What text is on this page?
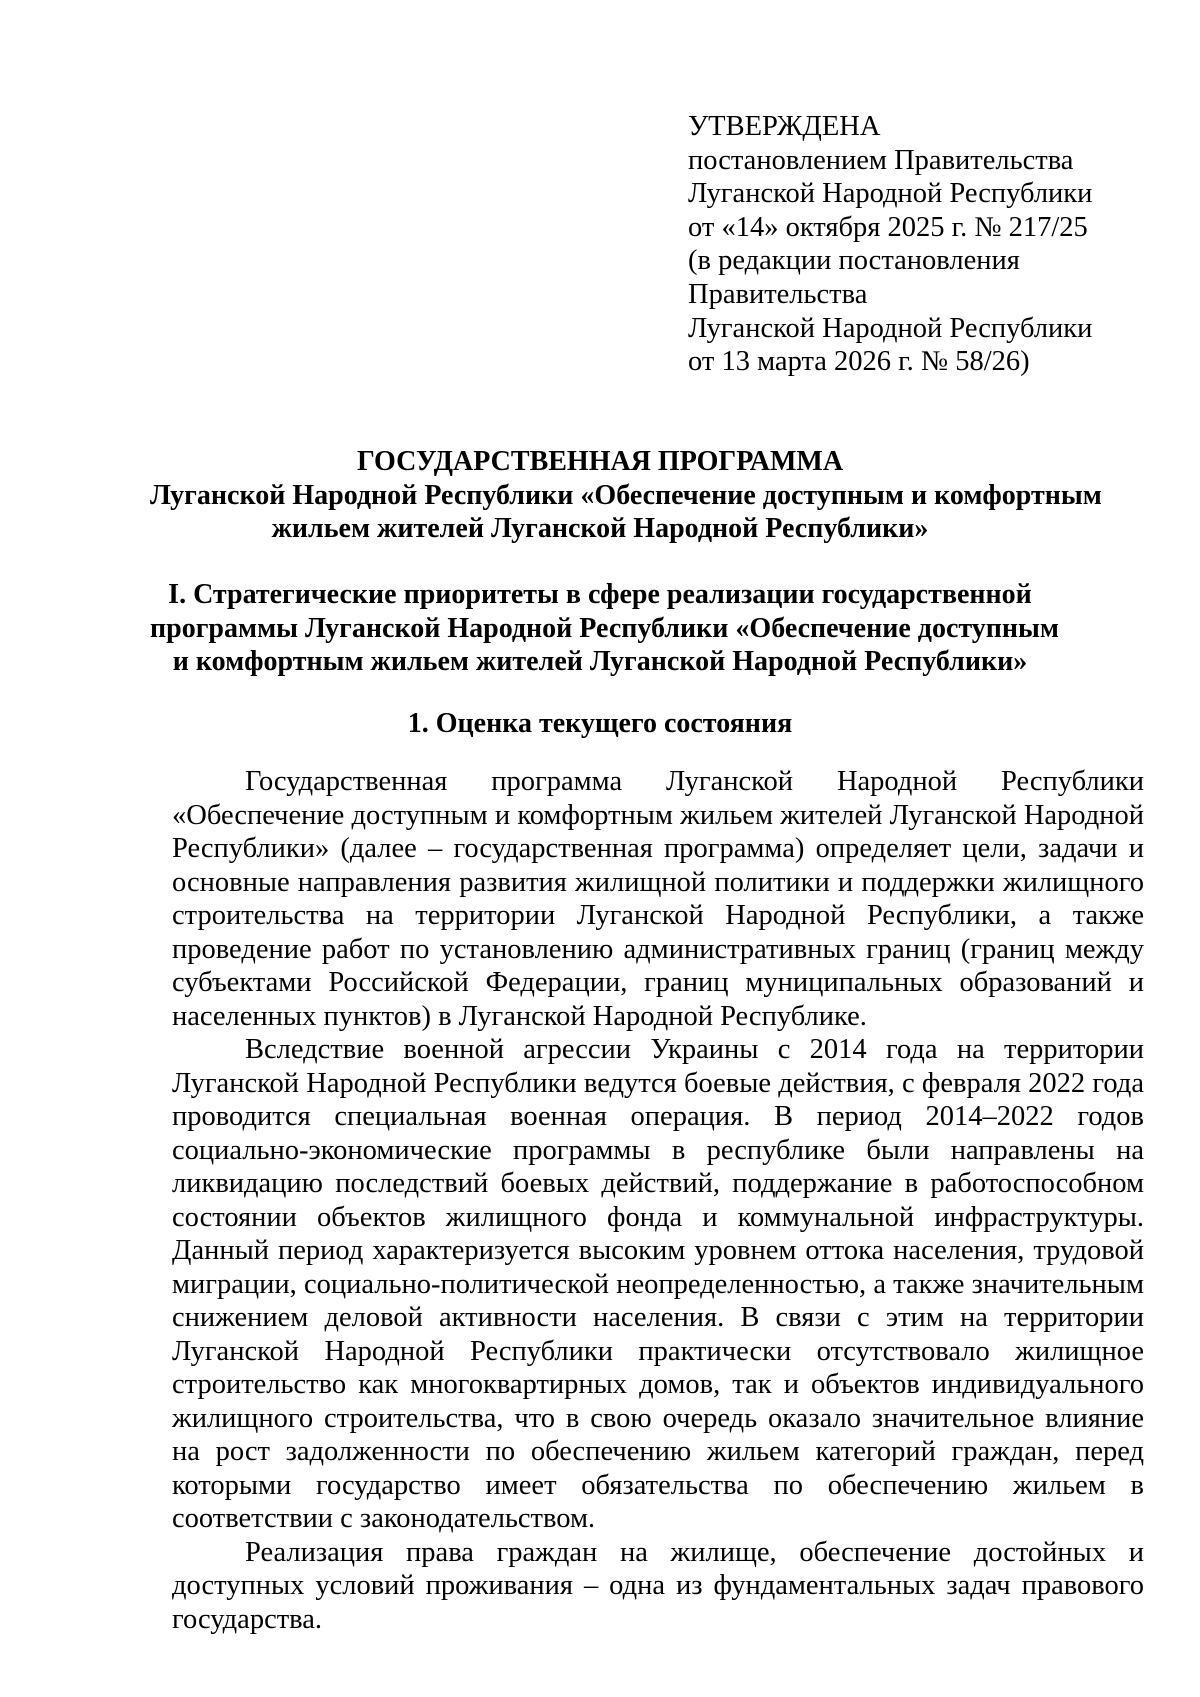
УТВЕРЖДЕНА
постановлением Правительства
Луганской Народной Республики
от «14» октября 2025 г. № 217/25
(в редакции постановления
Правительства
Луганской Народной Республики
от 13 марта 2026 г. № 58/26)
ГОСУДАРСТВЕННАЯ ПРОГРАММА
Луганской Народной Республики «Обеспечение доступным и комфортным
жильем жителей Луганской Народной Республики»
I. Стратегические приоритеты в сфере реализации государственной
программы Луганской Народной Республики «Обеспечение доступным
и комфортным жильем жителей Луганской Народной Республики»
1. Оценка текущего состояния

Государственная программа Луганской Народной Республики «Обеспечение доступным и комфортным жильем жителей Луганской Народной Республики» (далее – государственная программа) определяет цели, задачи и основные направления развития жилищной политики и поддержки жилищного строительства на территории Луганской Народной Республики, а также проведение работ по установлению административных границ (границ между субъектами Российской Федерации, границ муниципальных образований и населенных пунктов) в Луганской Народной Республике.

Вследствие военной агрессии Украины с 2014 года на территории Луганской Народной Республики ведутся боевые действия, с февраля 2022 года проводится специальная военная операция. В период 2014–2022 годов социально-экономические программы в республике были направлены на ликвидацию последствий боевых действий, поддержание в работоспособном состоянии объектов жилищного фонда и коммунальной инфраструктуры. Данный период характеризуется высоким уровнем оттока населения, трудовой миграции, социально-политической неопределенностью, а также значительным снижением деловой активности населения. В связи с этим на территории Луганской Народной Республики практически отсутствовало жилищное строительство как многоквартирных домов, так и объектов индивидуального жилищного строительства, что в свою очередь оказало значительное влияние на рост задолженности по обеспечению жильем категорий граждан, перед которыми государство имеет обязательства по обеспечению жильем в соответствии с законодательством.

Реализация права граждан на жилище, обеспечение достойных и доступных условий проживания – одна из фундаментальных задач правового государства.
